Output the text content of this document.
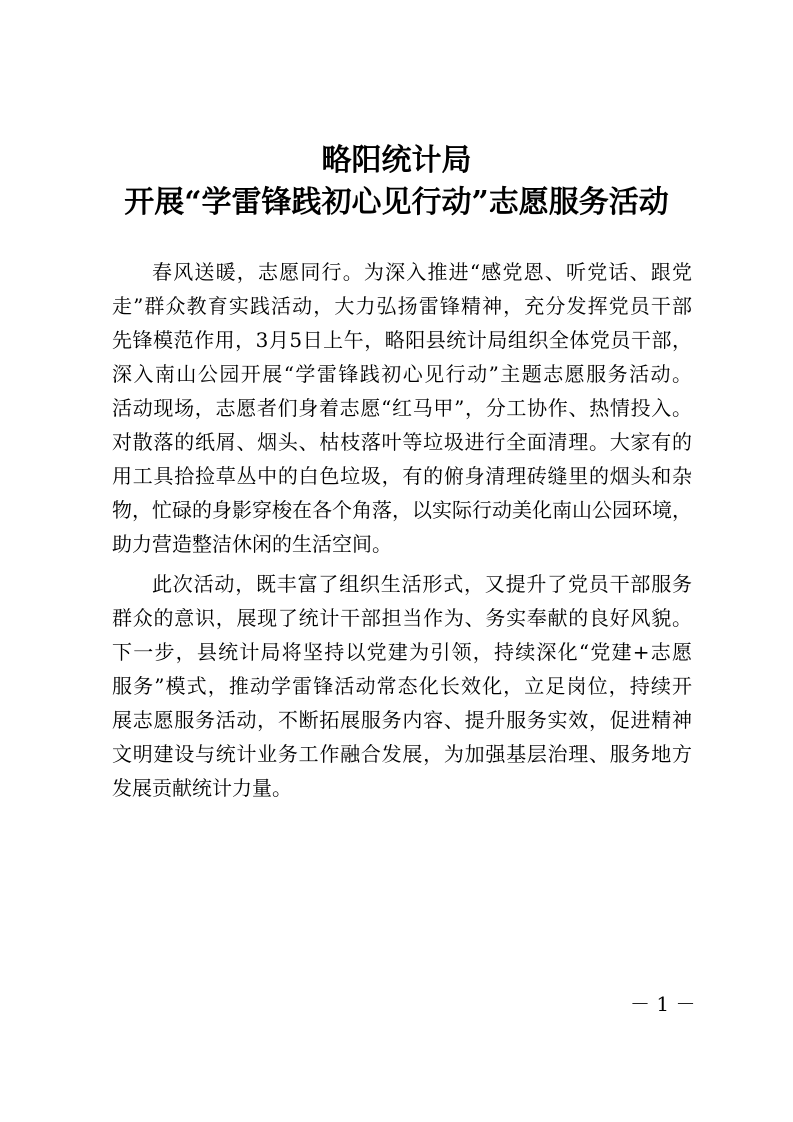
略阳统计局
开展“学雷锋践初心见行动”志愿服务活动

春风送暖，志愿同行。为深入推进“感党恩、听党话、跟党
走”群众教育实践活动，大力弘扬雷锋精神，充分发挥党员干部
先锋模范作用，3月5日上午，略阳县统计局组织全体党员干部，
深入南山公园开展“学雷锋践初心见行动”主题志愿服务活动。
活动现场，志愿者们身着志愿“红马甲”，分工协作、热情投入。
对散落的纸屑、烟头、枯枝落叶等垃圾进行全面清理。大家有的
用工具拾捡草丛中的白色垃圾，有的俯身清理砖缝里的烟头和杂
物，忙碌的身影穿梭在各个角落，以实际行动美化南山公园环境，
助力营造整洁休闲的生活空间。

此次活动，既丰富了组织生活形式，又提升了党员干部服务
群众的意识，展现了统计干部担当作为、务实奉献的良好风貌。
下一步，县统计局将坚持以党建为引领，持续深化“党建+志愿
服务”模式，推动学雷锋活动常态化长效化，立足岗位，持续开
展志愿服务活动，不断拓展服务内容、提升服务实效，促进精神
文明建设与统计业务工作融合发展，为加强基层治理、服务地方
发展贡献统计力量。

－ 1 －
